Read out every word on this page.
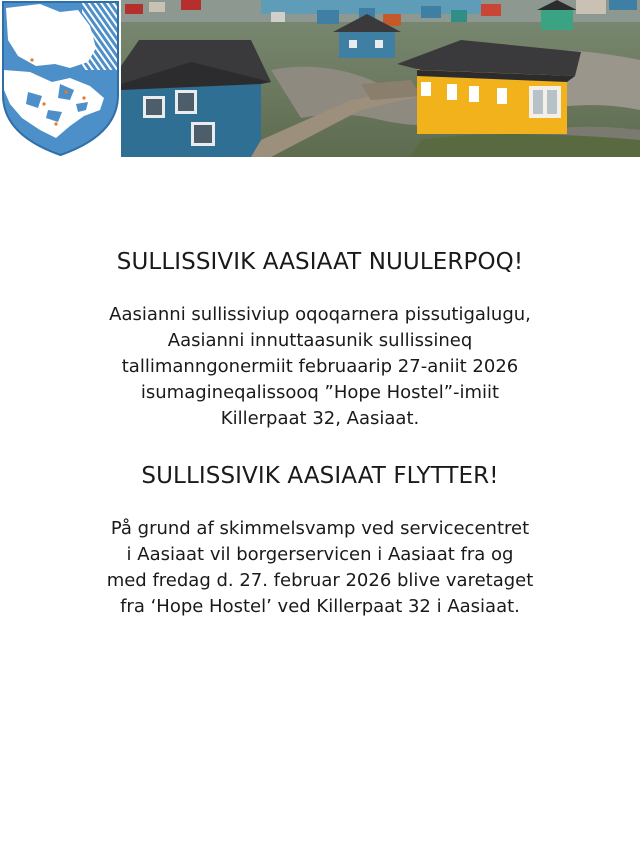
SULLISSIVIK AASIAAT NUULERPOQ!

Aasianni sullissiviup oqoqarnera pissutigalugu,
Aasianni innuttaasunik sullissineq
tallimanngonermiit februaarip 27-aniit 2026
isumagineqalissooq ”Hope Hostel”-imiit
Killerpaat 32, Aasiaat.

SULLISSIVIK AASIAAT FLYTTER!

På grund af skimmelsvamp ved servicecentret
i Aasiaat vil borgerservicen i Aasiaat fra og
med fredag d. 27. februar 2026 blive varetaget
fra ‘Hope Hostel’ ved Killerpaat 32 i Aasiaat.
